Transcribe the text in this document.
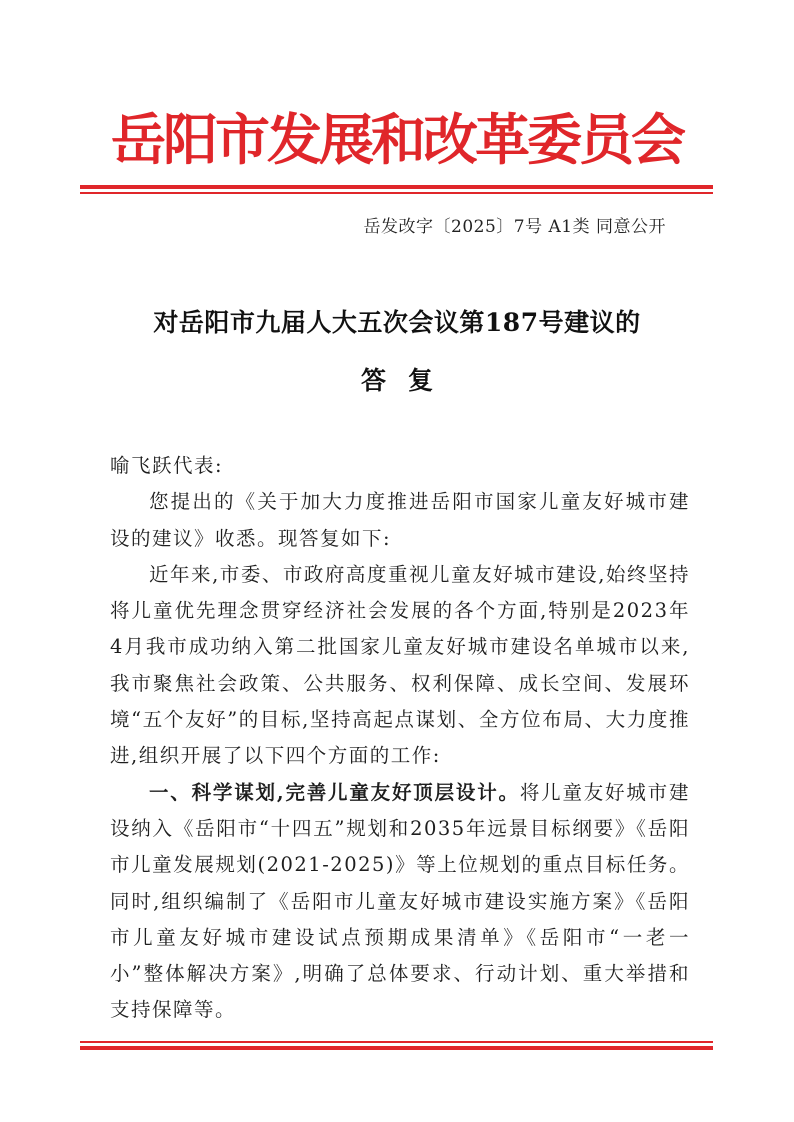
岳阳市发展和改革委员会
岳发改字〔2025〕7号 A1类 同意公开
对岳阳市九届人大五次会议第187号建议的
答复

喻飞跃代表:

您提出的《关于加大力度推进岳阳市国家儿童友好城市建设的建议》收悉。现答复如下:

近年来,市委、市政府高度重视儿童友好城市建设,始终坚持将儿童优先理念贯穿经济社会发展的各个方面,特别是2023年4月我市成功纳入第二批国家儿童友好城市建设名单城市以来,我市聚焦社会政策、公共服务、权利保障、成长空间、发展环境“五个友好”的目标,坚持高起点谋划、全方位布局、大力度推进,组织开展了以下四个方面的工作:

一、科学谋划,完善儿童友好顶层设计。将儿童友好城市建设纳入《岳阳市“十四五”规划和2035年远景目标纲要》《岳阳市儿童发展规划(2021-2025)》等上位规划的重点目标任务。同时,组织编制了《岳阳市儿童友好城市建设实施方案》《岳阳市儿童友好城市建设试点预期成果清单》《岳阳市“一老一小”整体解决方案》,明确了总体要求、行动计划、重大举措和支持保障等。
